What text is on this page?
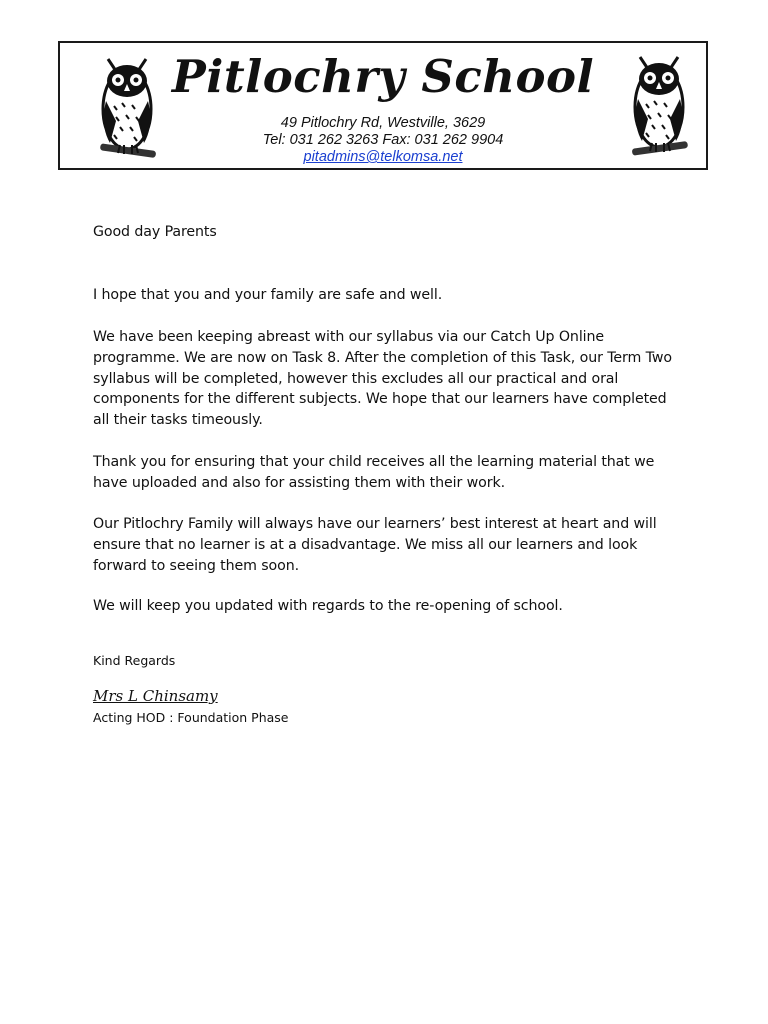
Pitlochry School
49 Pitlochry Rd, Westville, 3629
Tel: 031 262 3263 Fax: 031 262 9904
pitadmins@telkomsa.net
Good day Parents
I hope that you and your family are safe and well.
We have been keeping abreast with our syllabus via our Catch Up Online programme. We are now on Task 8. After the completion of this Task, our Term Two syllabus will be completed, however this excludes all our practical and oral components for the different subjects. We hope that our learners have completed all their tasks timeously.
Thank you for ensuring that your child receives all the learning material that we have uploaded and also for assisting them with their work.
Our Pitlochry Family will always have our learners’ best interest at heart and will ensure that no learner is at a disadvantage. We miss all our learners and look forward to seeing them soon.
We will keep you updated with regards to the re-opening of school.
Kind Regards
Mrs L Chinsamy
Acting HOD : Foundation Phase
